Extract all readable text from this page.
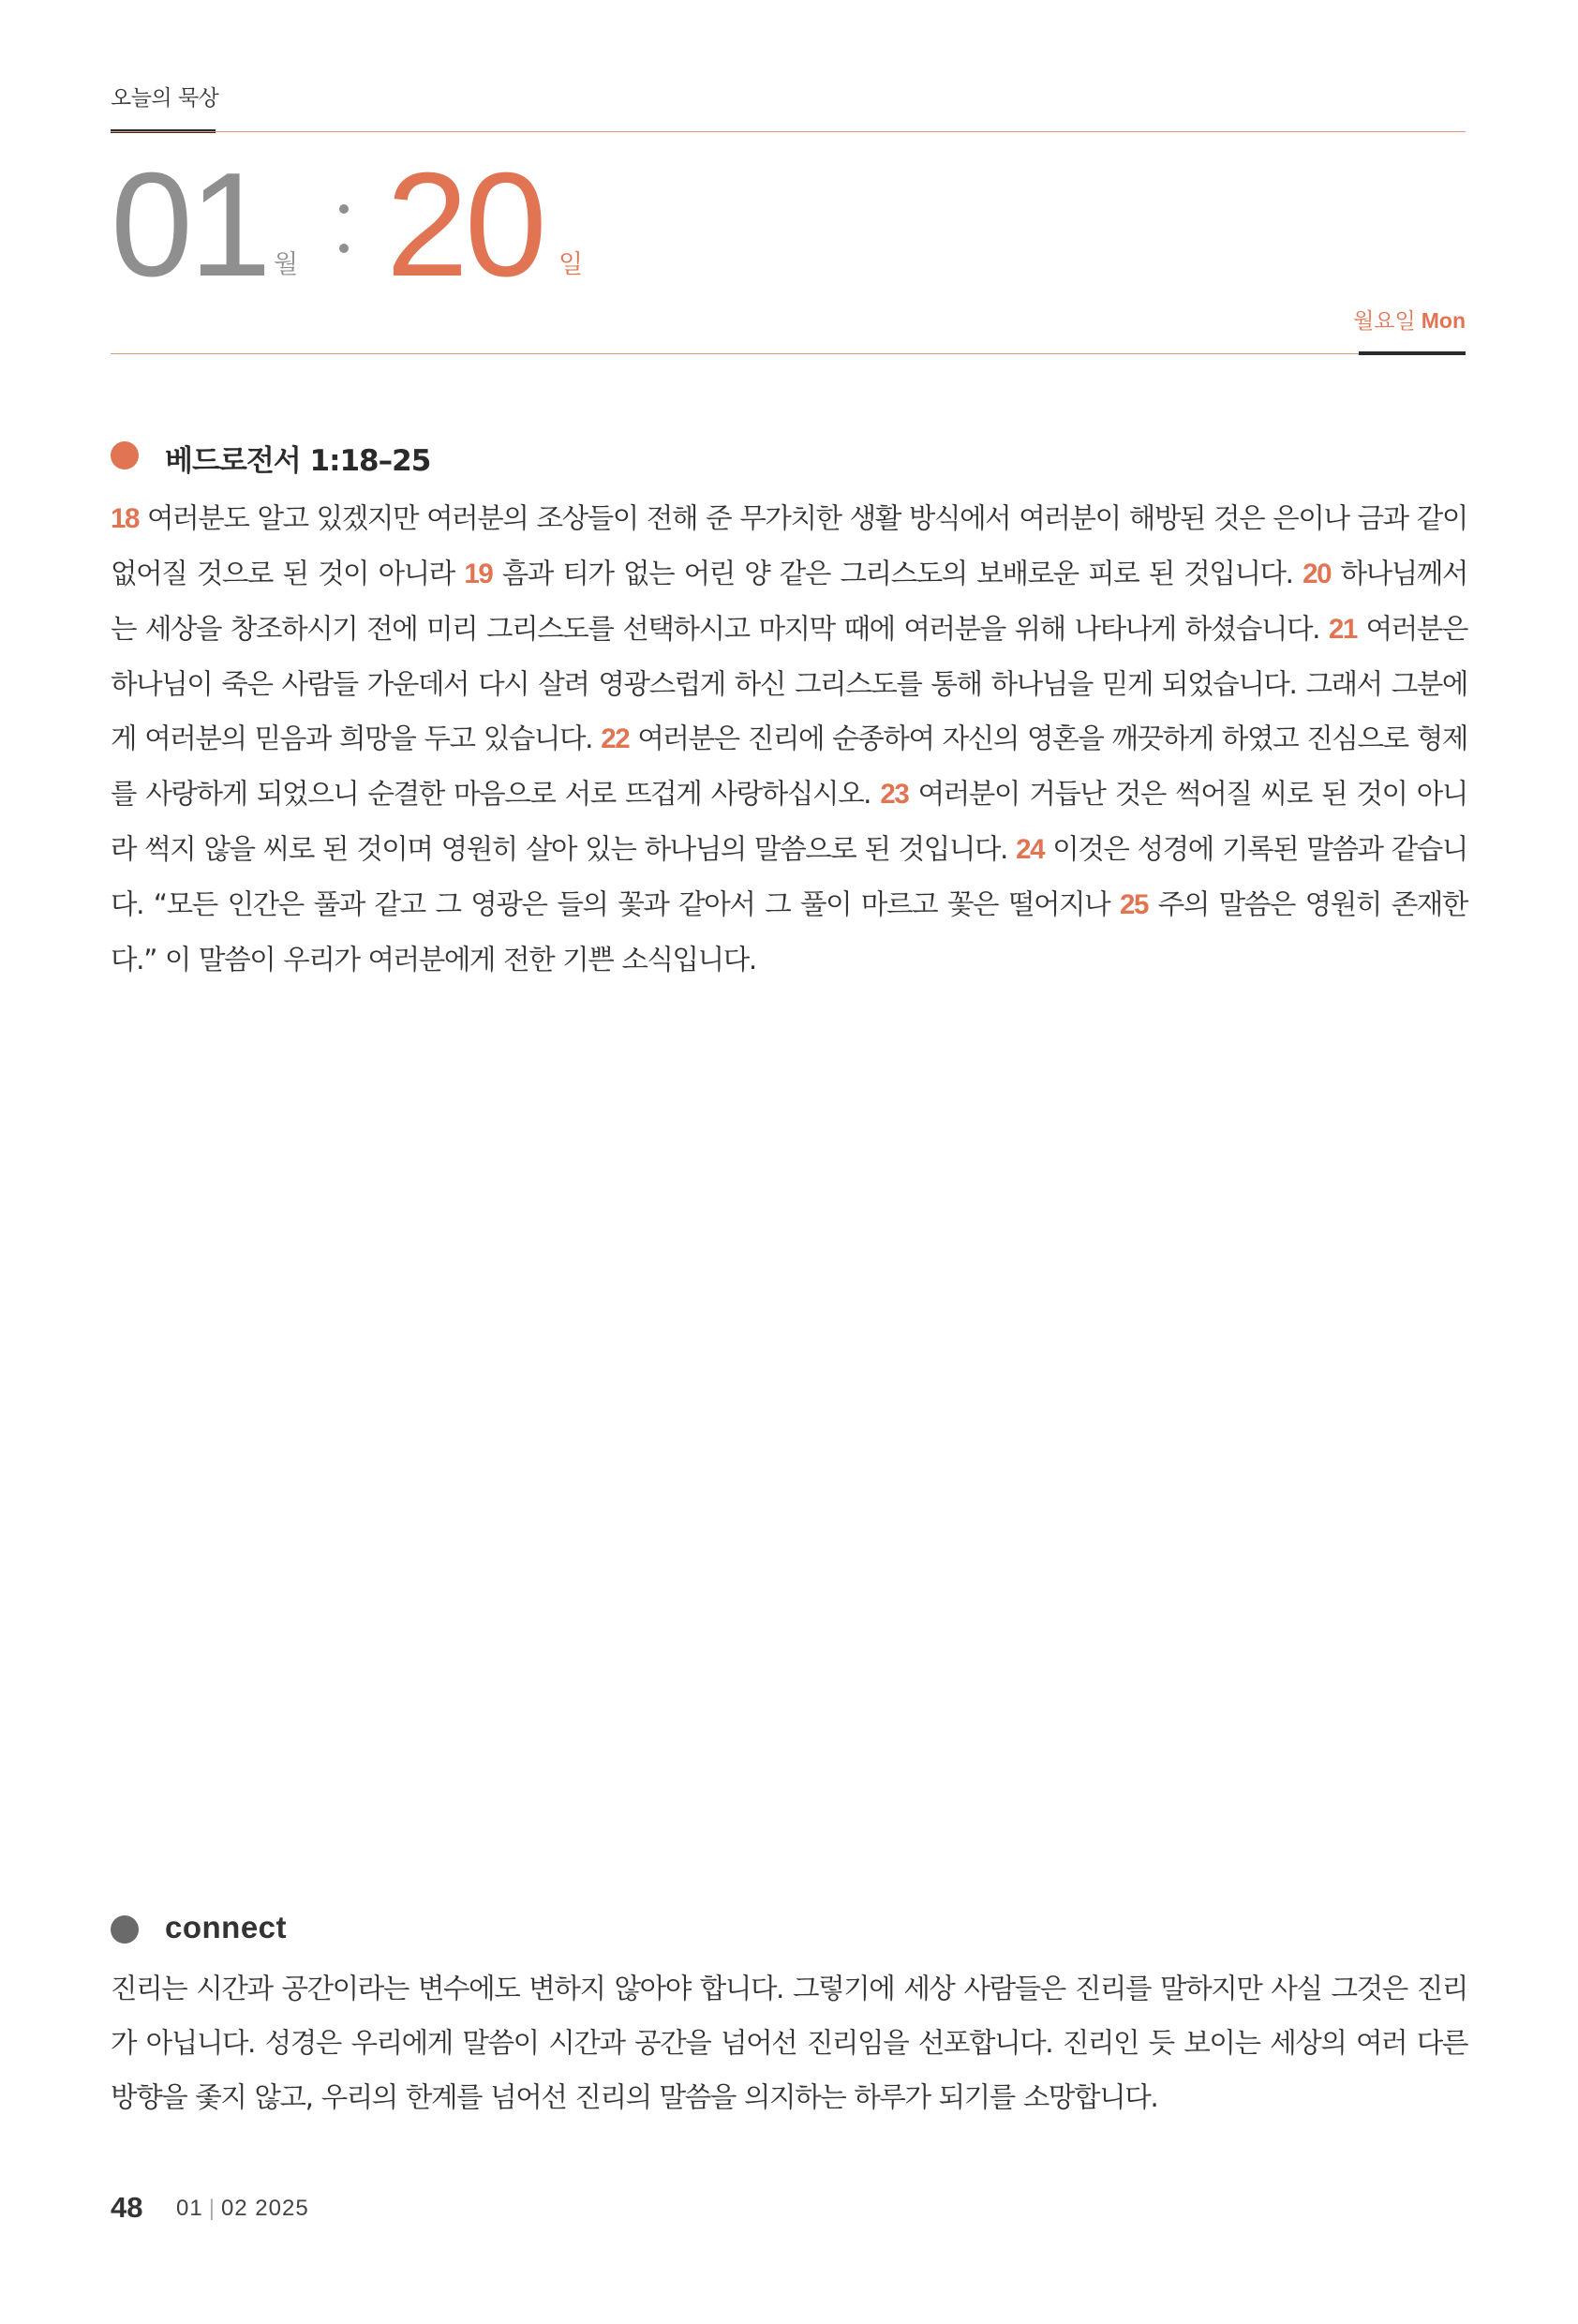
오늘의 묵상
01 월 20 일
월요일 Mon
베드로전서 1:18–25
18 여러분도 알고 있겠지만 여러분의 조상들이 전해 준 무가치한 생활 방식에서 여러분이 해방된 것은 은이나 금과 같이 없어질 것으로 된 것이 아니라 19 흠과 티가 없는 어린 양 같은 그리스도의 보배로운 피로 된 것입니다. 20 하나님께서는 세상을 창조하시기 전에 미리 그리스도를 선택하시고 마지막 때에 여러분을 위해 나타나게 하셨습니다. 21 여러분은 하나님이 죽은 사람들 가운데서 다시 살려 영광스럽게 하신 그리스도를 통해 하나님을 믿게 되었습니다. 그래서 그분에게 여러분의 믿음과 희망을 두고 있습니다. 22 여러분은 진리에 순종하여 자신의 영혼을 깨끗하게 하였고 진심으로 형제를 사랑하게 되었으니 순결한 마음으로 서로 뜨겁게 사랑하십시오. 23 여러분이 거듭난 것은 썩어질 씨로 된 것이 아니라 썩지 않을 씨로 된 것이며 영원히 살아 있는 하나님의 말씀으로 된 것입니다. 24 이것은 성경에 기록된 말씀과 같습니다. “모든 인간은 풀과 같고 그 영광은 들의 꽃과 같아서 그 풀이 마르고 꽃은 떨어지나 25 주의 말씀은 영원히 존재한다.” 이 말씀이 우리가 여러분에게 전한 기쁜 소식입니다.
connect
진리는 시간과 공간이라는 변수에도 변하지 않아야 합니다. 그렇기에 세상 사람들은 진리를 말하지만 사실 그것은 진리가 아닙니다. 성경은 우리에게 말씀이 시간과 공간을 넘어선 진리임을 선포합니다. 진리인 듯 보이는 세상의 여러 다른 방향을 좇지 않고, 우리의 한계를 넘어선 진리의 말씀을 의지하는 하루가 되기를 소망합니다.
48 01 | 02 2025
